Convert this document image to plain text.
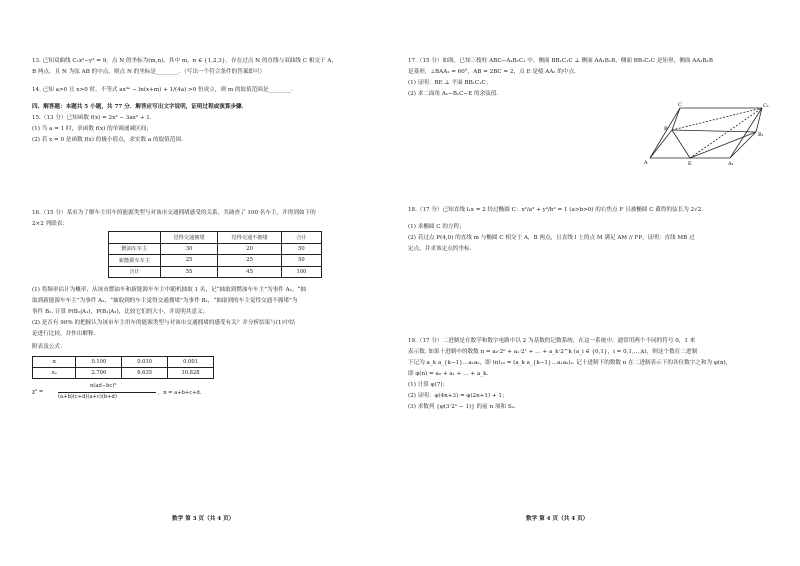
13. 已知双曲线 C₁x²−y² = 9，点 N 的坐标为(m,n)，其中 m，n ∈ {1,2,3}，存在过点 N 的直线与双曲线 C 相交于 A，
B 两点，且 N 为弦 AB 的中点，则点 N 的坐标是________．（写出一个符合条件的答案即可）
14. 已知 a>0 且 x>0 时，不等式 ax³ᵃ − ln(x+m) + 1/(4a) >0 恒成立，则 m 的取值范围是________．
四、解答题：本题共 5 小题，共 77 分．解答应写出文字说明，证明过程或演算步骤．
15.（13 分）已知函数 f(x) = 2x³ − 3ax² + 1.
(1) 当 a = 1 时，求函数 f(x) 的单调递减区间；
(2) 若 x = 0 是函数 f(x) 的极小值点，求实数 a 的取值范围.
16.（15 分）某市为了解车主用车的能源类型与对该市交通拥堵感受的关系，共调查了 100 名车主，并得到如下的
2×2 列联表：
	觉得交通拥堵	觉得交通不拥堵	合计
燃油车车主	30	20	50
新能源车车主	25	25	50
合计	55	45	100
(1) 将频率估计为概率，从该市燃油车和新能源车车主中随机抽取 1 名，记“抽取到燃油车车主”为事件 A₁，“抽
取到新能源车车主”为事件 A₂，“抽取到的车主觉得交通拥堵”为事件 B₁，“抽取到的车主觉得交通不拥堵”为
事件 B₂. 计算 P(B₁|A₁)，P(B₁|A₂)，比较它们的大小，并说明其意义；
(2) 是否有 90% 的把握认为该市车主用车的能源类型与对该市交通拥堵的感受有关？并分析结果与(1)中结
论进行比较，并作出解释.
附表及公式：
α	0.100	0.010	0.001
xₐ	2.706	6.635	10.828
n(ad−bc)²
χ² =
(a+b)(c+d)(a+c)(b+d)
，n = a+b+c+d.
数学 第 3 页（共 4 页）
17.（15 分）如图，已知三棱柱 ABC−A₁B₁C₁ 中，侧面 BB₁C₁C ⊥ 侧面 AA₁B₁B，侧面 BB₁C₁C 是矩形，侧面 AA₁B₁B
是菱形，∠BAA₁ = 60°，AB = 2BC = 2，点 E 是棱 AA₁ 的中点.
(1) 证明：BE ⊥ 平面 BB₁C₁C；
(2) 求二面角 A₁−B₁C−E 的余弦值.
A	E	A₁
B
C	C₁
B₁
18.（17 分）已知直线 l₁x = 2 经过椭圆 C：x²/a² + y²/b² = 1 (a>b>0) 的右焦点 F 且被椭圆 C 截得的弦长为 2√2.
(1) 求椭圆 C 的方程；
(2) 若过点 P(4,0) 的直线 m 与椭圆 C 相交于 A，B 两点，且直线 l 上的点 M 满足 AM // FP，证明：直线 MB 过
定点，并求该定点的坐标.
19.（17 分）二进制是在数学和数字电路中以 2 为基数的记数系统，在这一系统中，通常用两个不同的符号 0，1 来
表示数. 如果十进制中的数数 n = a₀·2⁰ + a₁·2¹ + … + a_k·2^k (a_i ∈ {0,1}，i = 0,1,…,k)，则这个数在二进制
下记为 a_k a_{k−1}…a₁a₀，即 (n)₁₀ = (a_k a_{k−1}…a₁a₀)₂. 记十进制下的数数 n 在二进制表示下的各位数字之和为 φ(n)，
即 φ(n) = a₀ + a₁ + … + a_k.
(1) 计算 φ(7)；
(2) 证明：φ(4n+3) = φ(2n+1) + 1；
(3) 求数列 {φ(3·2ⁿ − 1)} 的前 n 项和 Sₙ.
数学 第 4 页（共 4 页）
